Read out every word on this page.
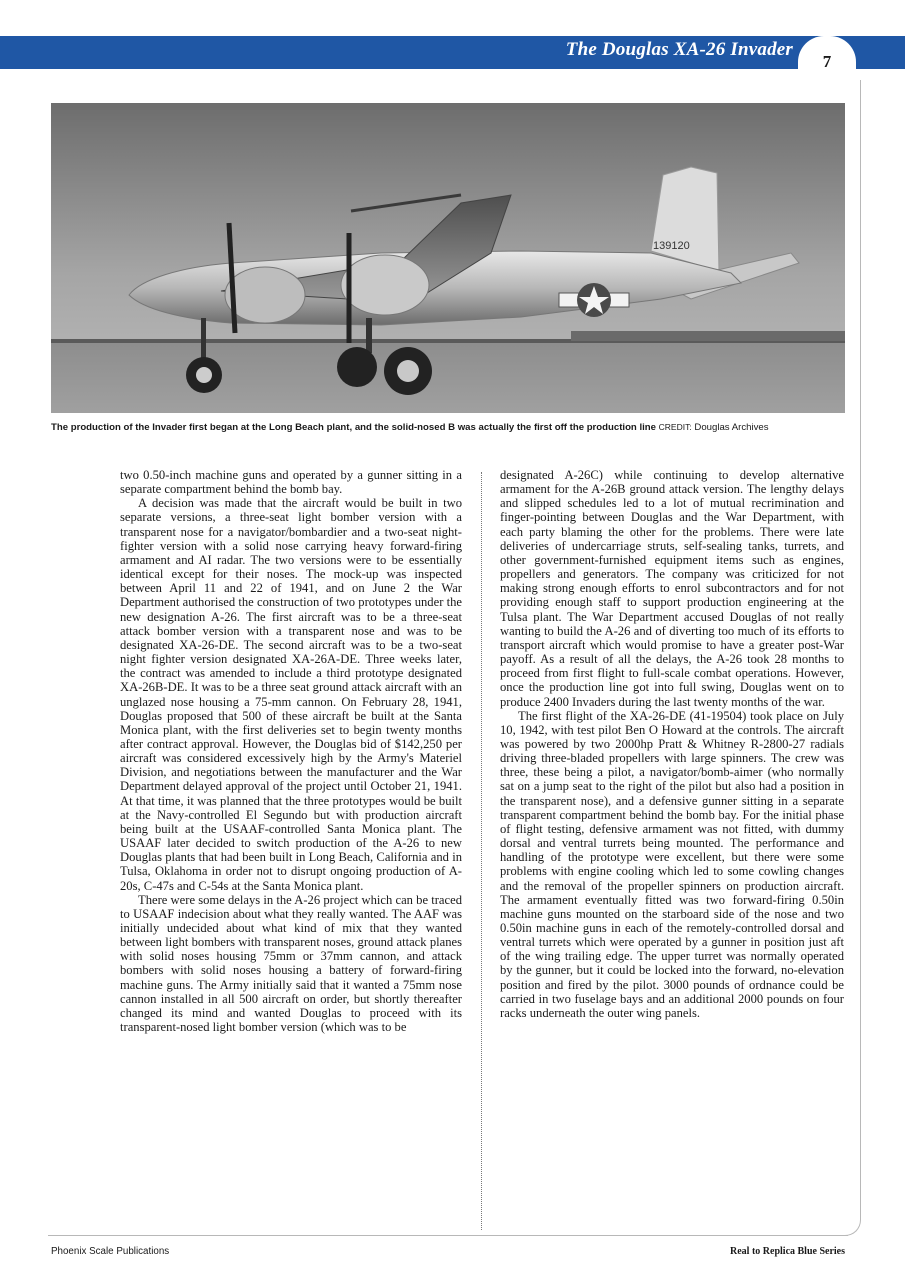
The Douglas XA-26 Invader
7
139120
The production of the Invader first began at the Long Beach plant, and the solid-nosed B was actually the first off the production line CREDIT: Douglas Archives

two 0.50-inch machine guns and operated by a gunner sitting in a separate compartment behind the bomb bay.

A decision was made that the aircraft would be built in two separate versions, a three-seat light bomber version with a transparent nose for a navigator/bombardier and a two-seat night-fighter version with a solid nose carrying heavy forward-firing armament and AI radar. The two versions were to be essentially identical except for their noses. The mock-up was inspected between April 11 and 22 of 1941, and on June 2 the War Department authorised the construction of two prototypes under the new designation A-26. The first aircraft was to be a three-seat attack bomber version with a transparent nose and was to be designated XA-26-DE. The second aircraft was to be a two-seat night fighter version designated XA-26A-DE. Three weeks later, the contract was amended to include a third prototype designated XA-26B-DE. It was to be a three seat ground attack aircraft with an unglazed nose housing a 75-mm cannon. On February 28, 1941, Douglas proposed that 500 of these aircraft be built at the Santa Monica plant, with the first deliveries set to begin twenty months after contract approval. However, the Douglas bid of $142,250 per aircraft was considered excessively high by the Army's Materiel Division, and negotiations between the manufacturer and the War Department delayed approval of the project until October 21, 1941. At that time, it was planned that the three prototypes would be built at the Navy-controlled El Segundo but with production aircraft being built at the USAAF-controlled Santa Monica plant. The USAAF later decided to switch production of the A-26 to new Douglas plants that had been built in Long Beach, California and in Tulsa, Oklahoma in order not to disrupt ongoing production of A-20s, C-47s and C-54s at the Santa Monica plant.

There were some delays in the A-26 project which can be traced to USAAF indecision about what they really wanted. The AAF was initially undecided about what kind of mix that they wanted between light bombers with transparent noses, ground attack planes with solid noses housing 75mm or 37mm cannon, and attack bombers with solid noses housing a battery of forward-firing machine guns. The Army initially said that it wanted a 75mm nose cannon installed in all 500 aircraft on order, but shortly thereafter changed its mind and wanted Douglas to proceed with its transparent-nosed light bomber version (which was to be

designated A-26C) while continuing to develop alternative armament for the A-26B ground attack version. The lengthy delays and slipped schedules led to a lot of mutual recrimination and finger-pointing between Douglas and the War Department, with each party blaming the other for the problems. There were late deliveries of undercarriage struts, self-sealing tanks, turrets, and other government-furnished equipment items such as engines, propellers and generators. The company was criticized for not making strong enough efforts to enrol subcontractors and for not providing enough staff to support production engineering at the Tulsa plant. The War Department accused Douglas of not really wanting to build the A-26 and of diverting too much of its efforts to transport aircraft which would promise to have a greater post-War payoff. As a result of all the delays, the A-26 took 28 months to proceed from first flight to full-scale combat operations. However, once the production line got into full swing, Douglas went on to produce 2400 Invaders during the last twenty months of the war.

The first flight of the XA-26-DE (41-19504) took place on July 10, 1942, with test pilot Ben O Howard at the controls. The aircraft was powered by two 2000hp Pratt & Whitney R-2800-27 radials driving three-bladed propellers with large spinners. The crew was three, these being a pilot, a navigator/bomb-aimer (who normally sat on a jump seat to the right of the pilot but also had a position in the transparent nose), and a defensive gunner sitting in a separate transparent compartment behind the bomb bay. For the initial phase of flight testing, defensive armament was not fitted, with dummy dorsal and ventral turrets being mounted. The performance and handling of the prototype were excellent, but there were some problems with engine cooling which led to some cowling changes and the removal of the propeller spinners on production aircraft. The armament eventually fitted was two forward-firing 0.50in machine guns mounted on the starboard side of the nose and two 0.50in machine guns in each of the remotely-controlled dorsal and ventral turrets which were operated by a gunner in position just aft of the wing trailing edge. The upper turret was normally operated by the gunner, but it could be locked into the forward, no-elevation position and fired by the pilot. 3000 pounds of ordnance could be carried in two fuselage bays and an additional 2000 pounds on four racks underneath the outer wing panels.

Phoenix Scale Publications	Real to Replica Blue Series
